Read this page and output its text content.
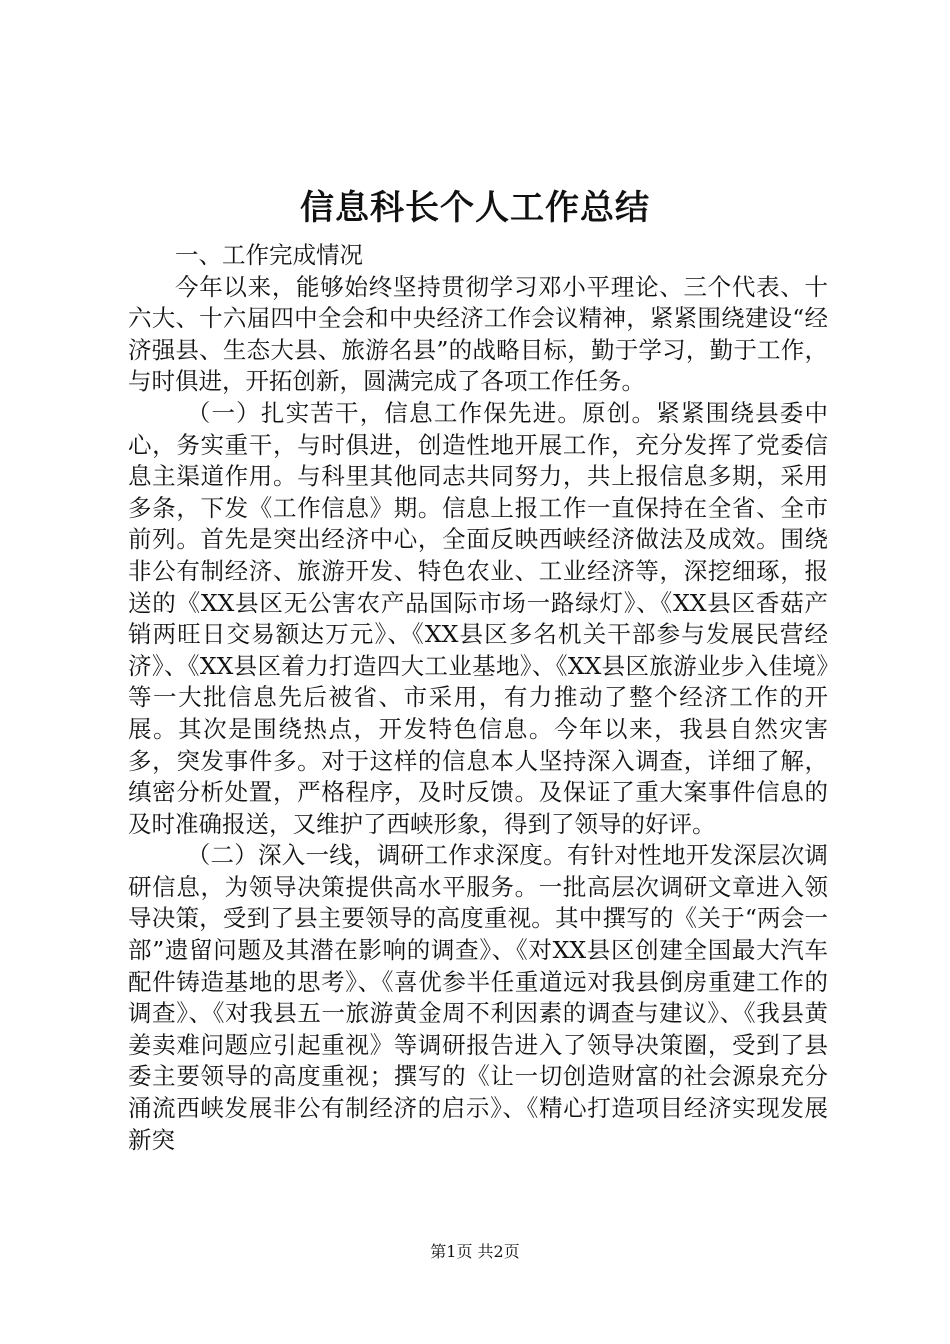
信息科长个人工作总结

一、工作完成情况

今年以来，能够始终坚持贯彻学习邓小平理论、三个代表、十六大、十六届四中全会和中央经济工作会议精神，紧紧围绕建设“经济强县、生态大县、旅游名县”的战略目标，勤于学习，勤于工作，与时俱进，开拓创新，圆满完成了各项工作任务。

（一）扎实苦干，信息工作保先进。原创。紧紧围绕县委中心，务实重干，与时俱进，创造性地开展工作，充分发挥了党委信息主渠道作用。与科里其他同志共同努力，共上报信息多期，采用多条，下发《工作信息》期。信息上报工作一直保持在全省、全市前列。首先是突出经济中心，全面反映西峡经济做法及成效。围绕非公有制经济、旅游开发、特色农业、工业经济等，深挖细琢，报送的《XX县区无公害农产品国际市场一路绿灯》、《XX县区香菇产销两旺日交易额达万元》、《XX县区多名机关干部参与发展民营经济》、《XX县区着力打造四大工业基地》、《XX县区旅游业步入佳境》等一大批信息先后被省、市采用，有力推动了整个经济工作的开展。其次是围绕热点，开发特色信息。今年以来，我县自然灾害多，突发事件多。对于这样的信息本人坚持深入调查，详细了解，缜密分析处置，严格程序，及时反馈。及保证了重大案事件信息的及时准确报送，又维护了西峡形象，得到了领导的好评。

（二）深入一线，调研工作求深度。有针对性地开发深层次调研信息，为领导决策提供高水平服务。一批高层次调研文章进入领导决策，受到了县主要领导的高度重视。其中撰写的《关于“两会一部”遗留问题及其潜在影响的调查》、《对XX县区创建全国最大汽车配件铸造基地的思考》、《喜优参半任重道远对我县倒房重建工作的调查》、《对我县五一旅游黄金周不利因素的调查与建议》、《我县黄姜卖难问题应引起重视》等调研报告进入了领导决策圈，受到了县委主要领导的高度重视；撰写的《让一切创造财富的社会源泉充分涌流西峡发展非公有制经济的启示》、《精心打造项目经济实现发展新突

第1页 共2页
